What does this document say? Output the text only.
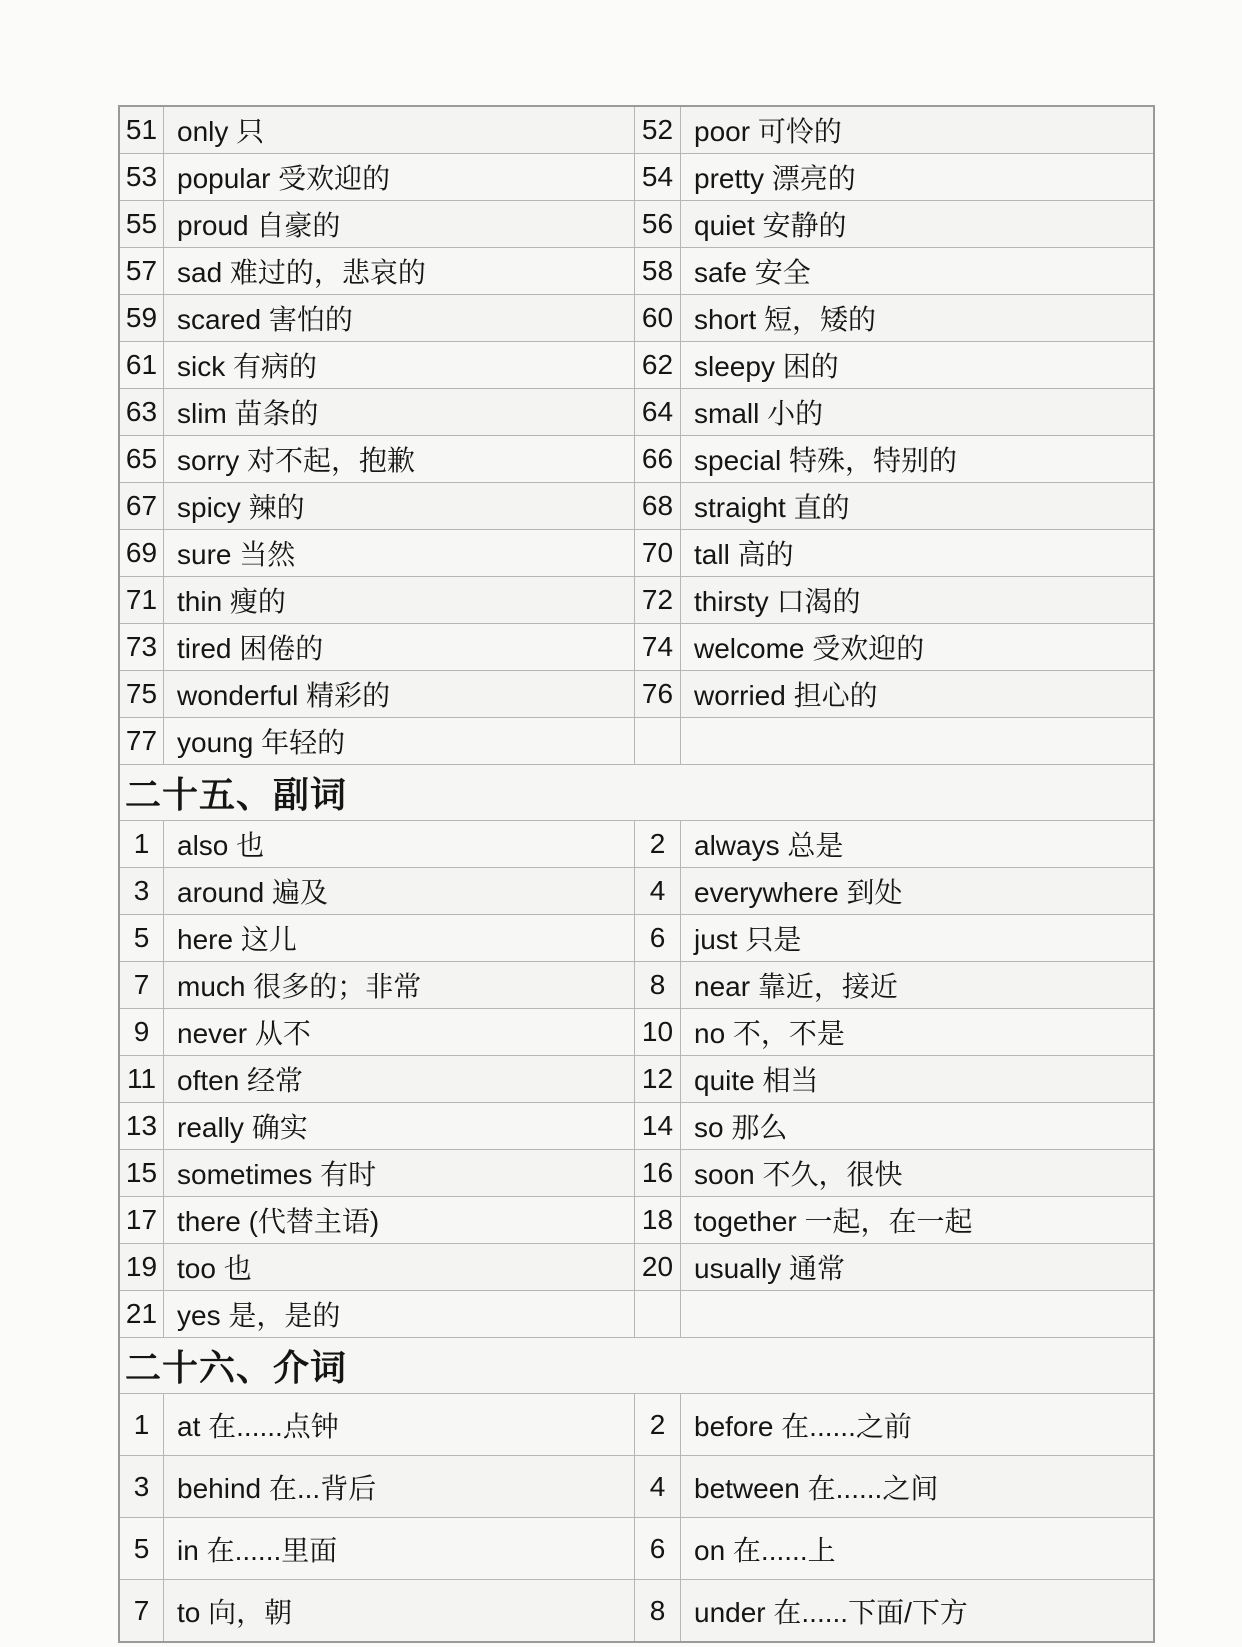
51 only 只	52 poor 可怜的
53 popular 受欢迎的	54 pretty 漂亮的
55 proud 自豪的	56 quiet 安静的
57 sad 难过的，悲哀的	58 safe 安全
59 scared 害怕的	60 short 短，矮的
61 sick 有病的	62 sleepy 困的
63 slim 苗条的	64 small 小的
65 sorry 对不起，抱歉	66 special 特殊，特别的
67 spicy 辣的	68 straight 直的
69 sure 当然	70 tall 高的
71 thin 瘦的	72 thirsty 口渴的
73 tired 困倦的	74 welcome 受欢迎的
75 wonderful 精彩的	76 worried 担心的
77 young 年轻的
二十五、副词
1 also 也	2	always 总是
3 around 遍及	4	everywhere 到处
5 here 这儿	6	just 只是
7 much 很多的；非常	8	near 靠近，接近
9 never 从不	10 no 不，不是
11 often 经常	12 quite 相当
13 really 确实	14 so 那么
15 sometimes 有时	16 soon 不久，很快
17 there (代替主语)	18 together 一起，在一起
19 too 也	20 usually 通常
21 yes 是，是的
二十六、介词
1 at 在......点钟	2	before 在......之前
3 behind 在...背后	4	between 在......之间
5 in 在......里面	6	on 在......上
7 to 向，朝	8	under 在......下面/下方
